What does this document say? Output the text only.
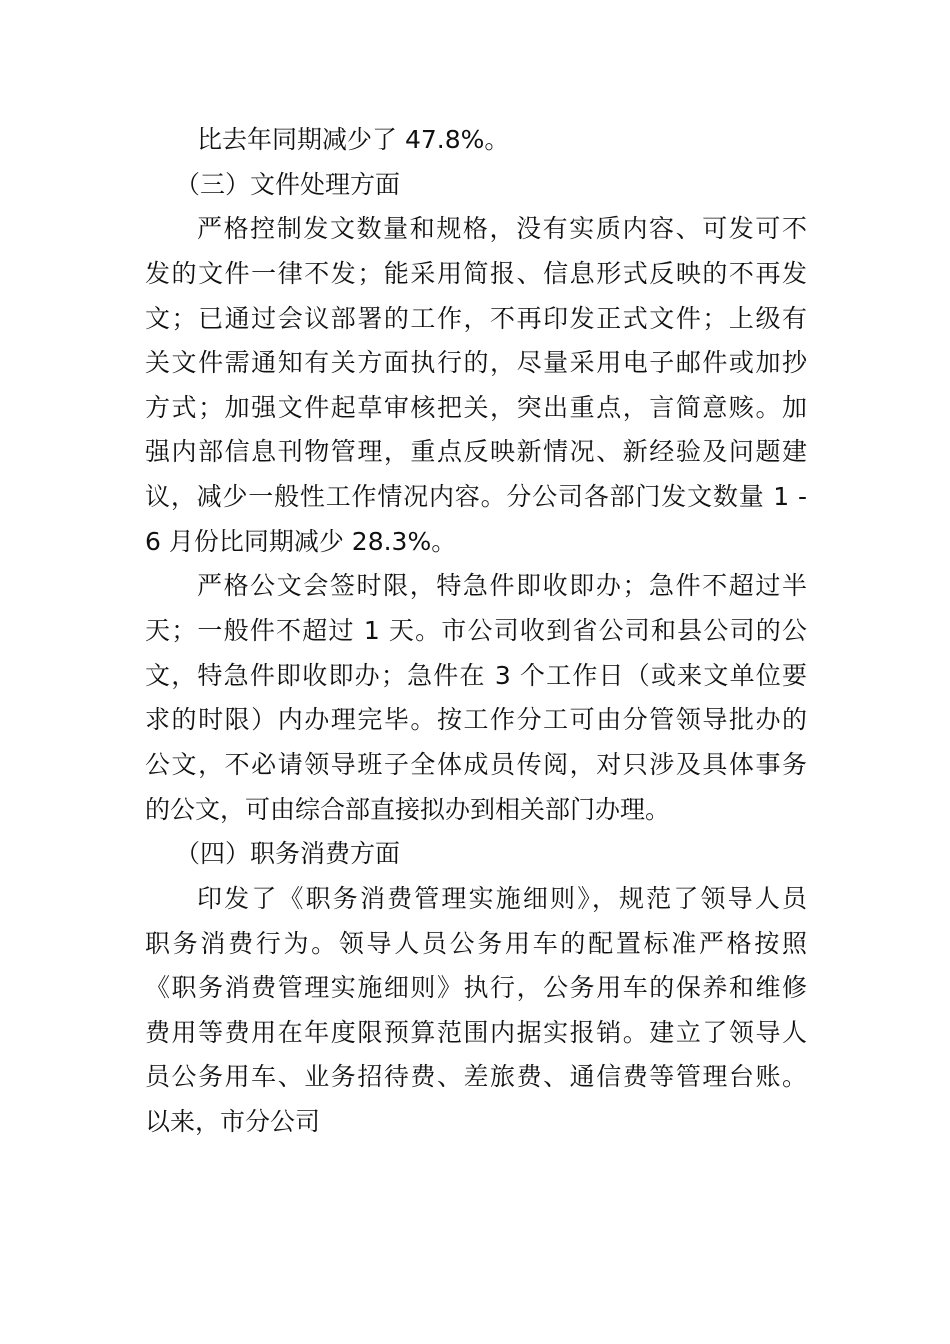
比去年同期减少了 47.8%。
（三）文件处理方面
严格控制发文数量和规格，没有实质内容、可发可不
发的文件一律不发；能采用简报、信息形式反映的不再发
文；已通过会议部署的工作，不再印发正式文件；上级有
关文件需通知有关方面执行的，尽量采用电子邮件或加抄
方式；加强文件起草审核把关，突出重点，言简意赅。加
强内部信息刊物管理，重点反映新情况、新经验及问题建
议，减少一般性工作情况内容。分公司各部门发文数量 1 -
6 月份比同期减少 28.3%。
严格公文会签时限，特急件即收即办；急件不超过半
天；一般件不超过 1 天。市公司收到省公司和县公司的公
文，特急件即收即办；急件在 3 个工作日（或来文单位要
求的时限）内办理完毕。按工作分工可由分管领导批办的
公文，不必请领导班子全体成员传阅，对只涉及具体事务
的公文，可由综合部直接拟办到相关部门办理。
（四）职务消费方面
印发了《职务消费管理实施细则》，规范了领导人员
职务消费行为。领导人员公务用车的配置标准严格按照
《职务消费管理实施细则》执行，公务用车的保养和维修
费用等费用在年度限预算范围内据实报销。建立了领导人
员公务用车、业务招待费、差旅费、通信费等管理台账。
以来，市分公司
